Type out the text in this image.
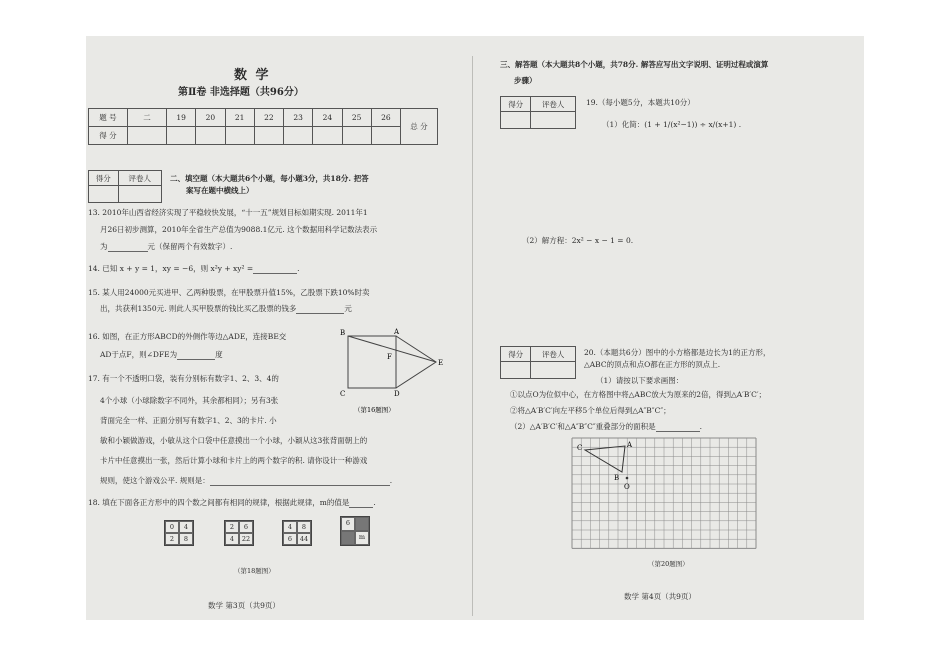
数 学
第Ⅱ卷 非选择题（共96分）
题 号	二	19	20	21	22	23	24	25	26	总 分
得 分										
得分	评卷人
		二、填空题（本大题共6个小题，每小题3分，共18分. 把答
案写在题中横线上）
13. 2010年山西省经济实现了平稳较快发展，“十一五”规划目标如期实现. 2011年1
月26日初步测算，2010年全省生产总值为9088.1亿元. 这个数据用科学记数法表示
为	元（保留两个有效数字）.
14. 已知 x + y = 1，xy = −6，则 x²y + xy² =	.
15. 某人用24000元买进甲、乙两种股票，在甲股票升值15%，乙股票下跌10%时卖
出，共获利1350元. 则此人买甲股票的钱比买乙股票的钱多	元
16. 如图，在正方形ABCD的外侧作等边△ADE，连接BE交
AD于点F，则∠DFE为	度
B	A
F
E
C	D
（第16题图）
17. 有一个不透明口袋，装有分别标有数字1、2、3、4的
4个小球（小球除数字不同外，其余都相同）；另有3张
背面完全一样、正面分别写有数字1、2、3的卡片. 小
敏和小颖做游戏，小敏从这个口袋中任意摸出一个小球，小颖从这3张背面朝上的
卡片中任意摸出一张，然后计算小球和卡片上的两个数字的积. 请你设计一种游戏
规则，使这个游戏公平. 规则是：	.
18. 填在下面各正方形中的四个数之间都有相同的规律，根据此规律，m的值是	.
0	4
2	8
2	6
4	22
4	8
6	44
6
m
（第18题图）
数学 第3页（共9页）
三、解答题（本大题共8个小题，共78分. 解答应写出文字说明、证明过程或演算
步骤）
得分	评卷人
		19.（每小题5分，本题共10分）
（1）化简：(1 + 1/(x²−1)) ÷ x/(x+1) .
（2）解方程：2x² − x − 1 = 0.
得分	评卷人
		20.（本题共6分）图中的小方格都是边长为1的正方形，
△ABC的顶点和点O都在正方形的顶点上.
（1）请按以下要求画图：
①以点O为位似中心，在方格图中将△ABC放大为原来的2倍，得到△A′B′C′；
②将△A′B′C′向左平移5个单位后得到△A″B″C″；
（2）△A′B′C′和△A″B″C″重叠部分的面积是	.
C	A
B
O
（第20题图）
数学 第4页（共9页）
